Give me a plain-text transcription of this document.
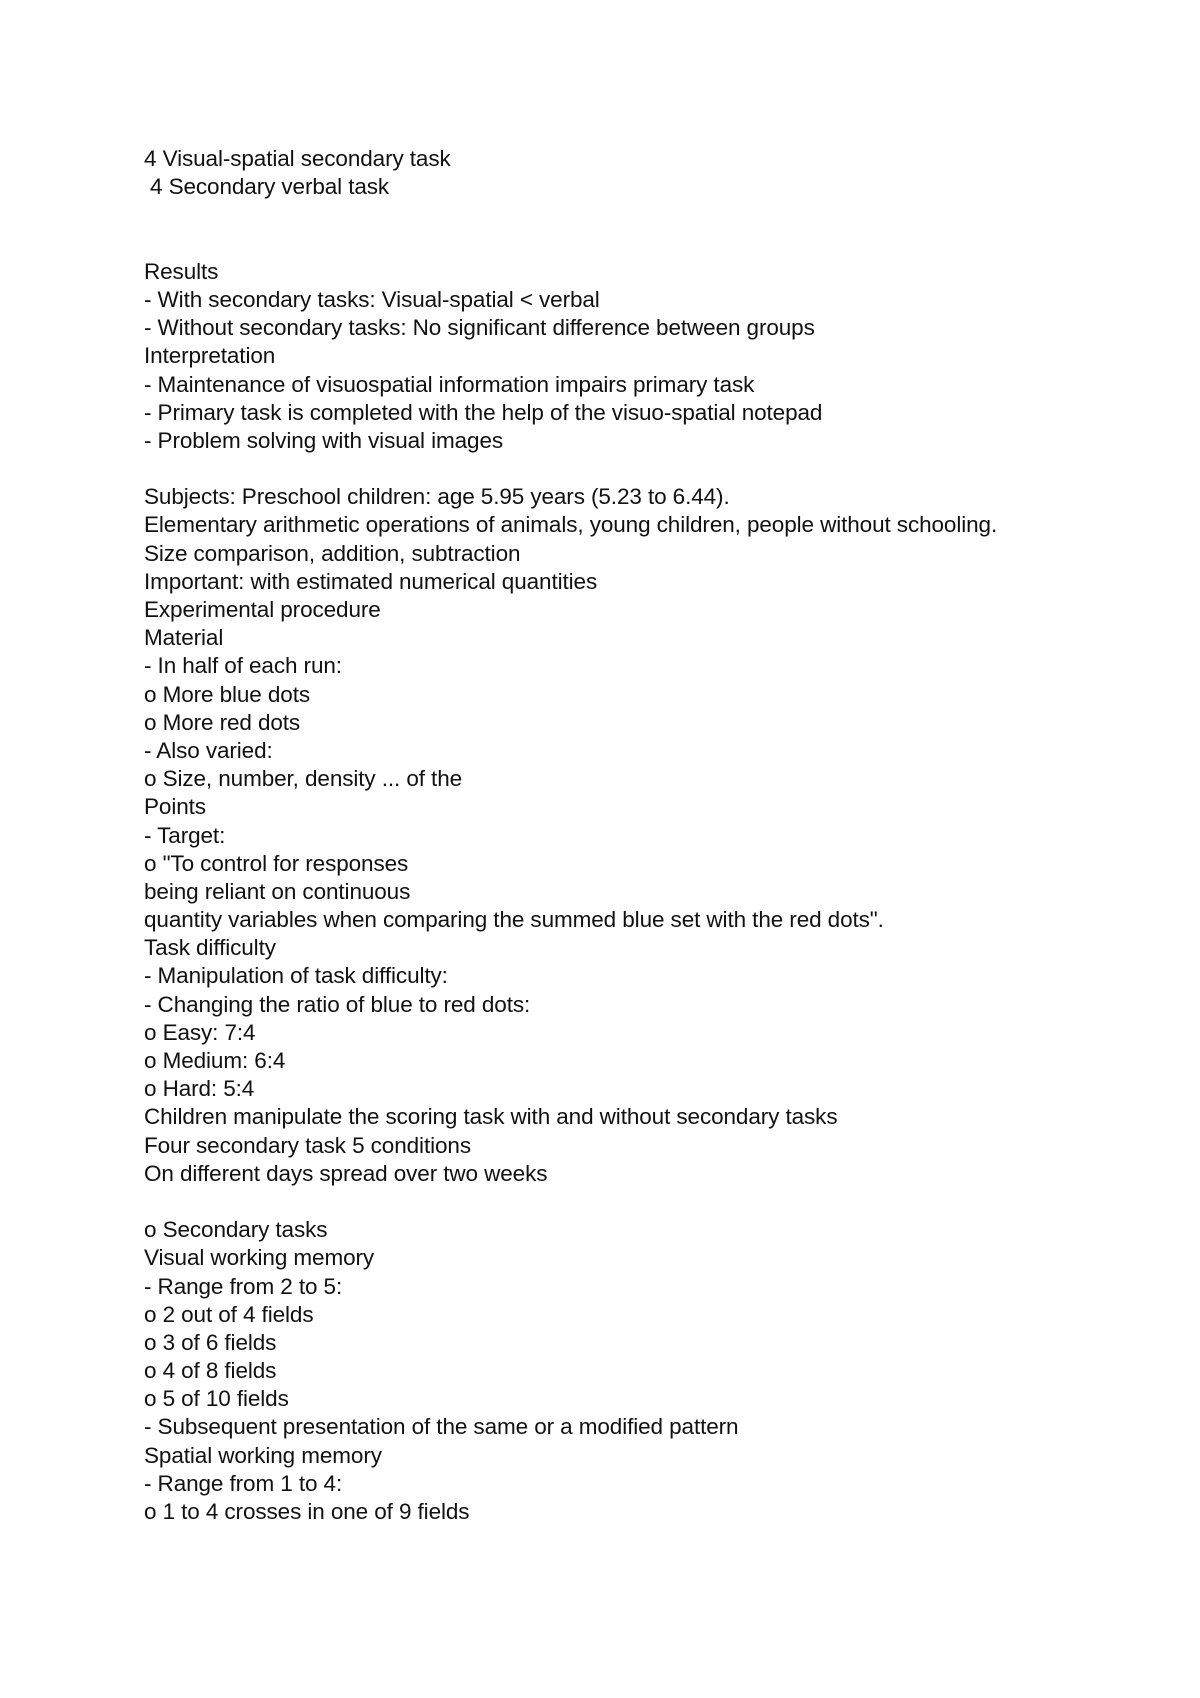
4 Visual-spatial secondary task
4 Secondary verbal task
Results
- With secondary tasks: Visual-spatial < verbal
- Without secondary tasks: No significant difference between groups
Interpretation
- Maintenance of visuospatial information impairs primary task
- Primary task is completed with the help of the visuo-spatial notepad
- Problem solving with visual images
Subjects: Preschool children: age 5.95 years (5.23 to 6.44).
Elementary arithmetic operations of animals, young children, people without schooling.
Size comparison, addition, subtraction
Important: with estimated numerical quantities
Experimental procedure
Material
- In half of each run:
o More blue dots
o More red dots
- Also varied:
o Size, number, density ... of the
Points
- Target:
o "To control for responses
being reliant on continuous
quantity variables when comparing the summed blue set with the red dots".
Task difficulty
- Manipulation of task difficulty:
- Changing the ratio of blue to red dots:
o Easy: 7:4
o Medium: 6:4
o Hard: 5:4
Children manipulate the scoring task with and without secondary tasks
Four secondary task 5 conditions
On different days spread over two weeks
o Secondary tasks
Visual working memory
- Range from 2 to 5:
o 2 out of 4 fields
o 3 of 6 fields
o 4 of 8 fields
o 5 of 10 fields
- Subsequent presentation of the same or a modified pattern
Spatial working memory
- Range from 1 to 4:
o 1 to 4 crosses in one of 9 fields
